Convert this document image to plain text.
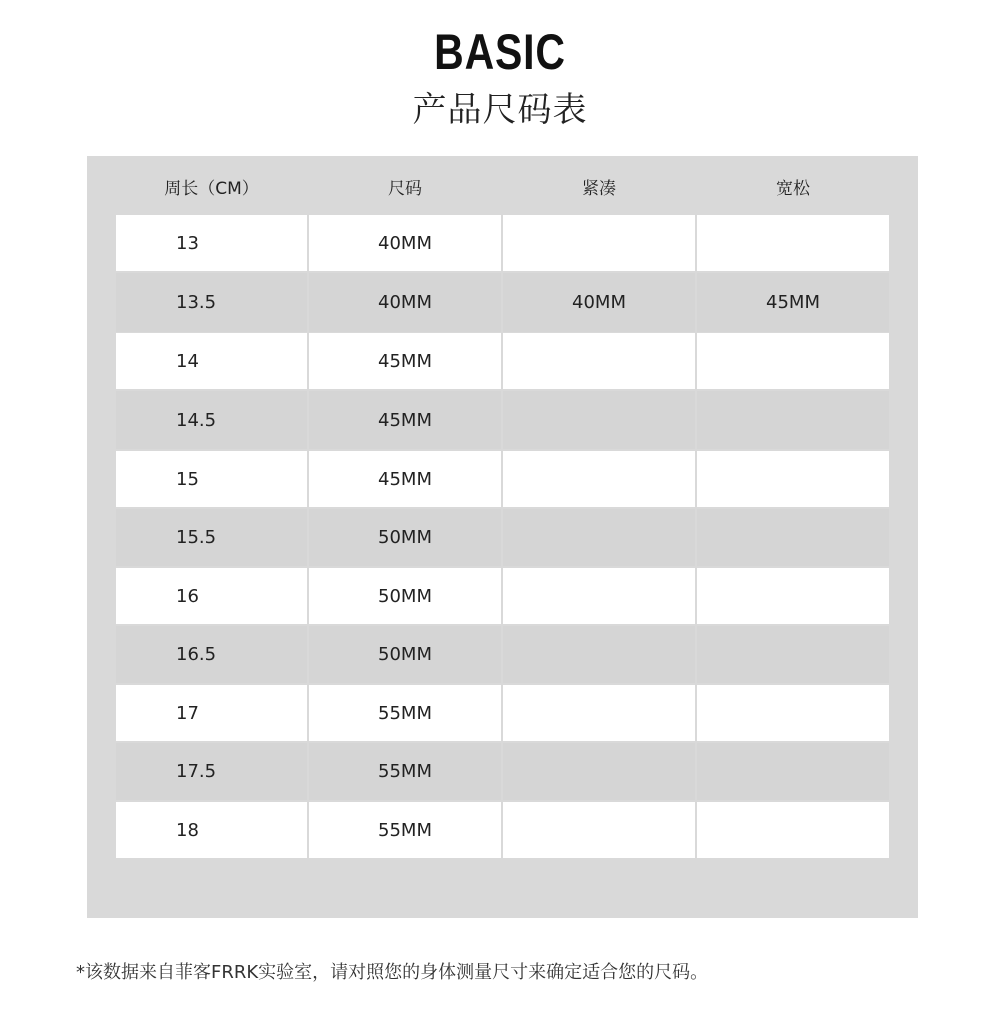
BASIC
产品尺码表
周长（CM）	尺码	紧凑	宽松
13	40MM
13.5	40MM	40MM	45MM
14	45MM
14.5	45MM
15	45MM
15.5	50MM
16	50MM
16.5	50MM
17	55MM
17.5	55MM
18	55MM
*该数据来自菲客FRRK实验室，请对照您的身体测量尺寸来确定适合您的尺码。
